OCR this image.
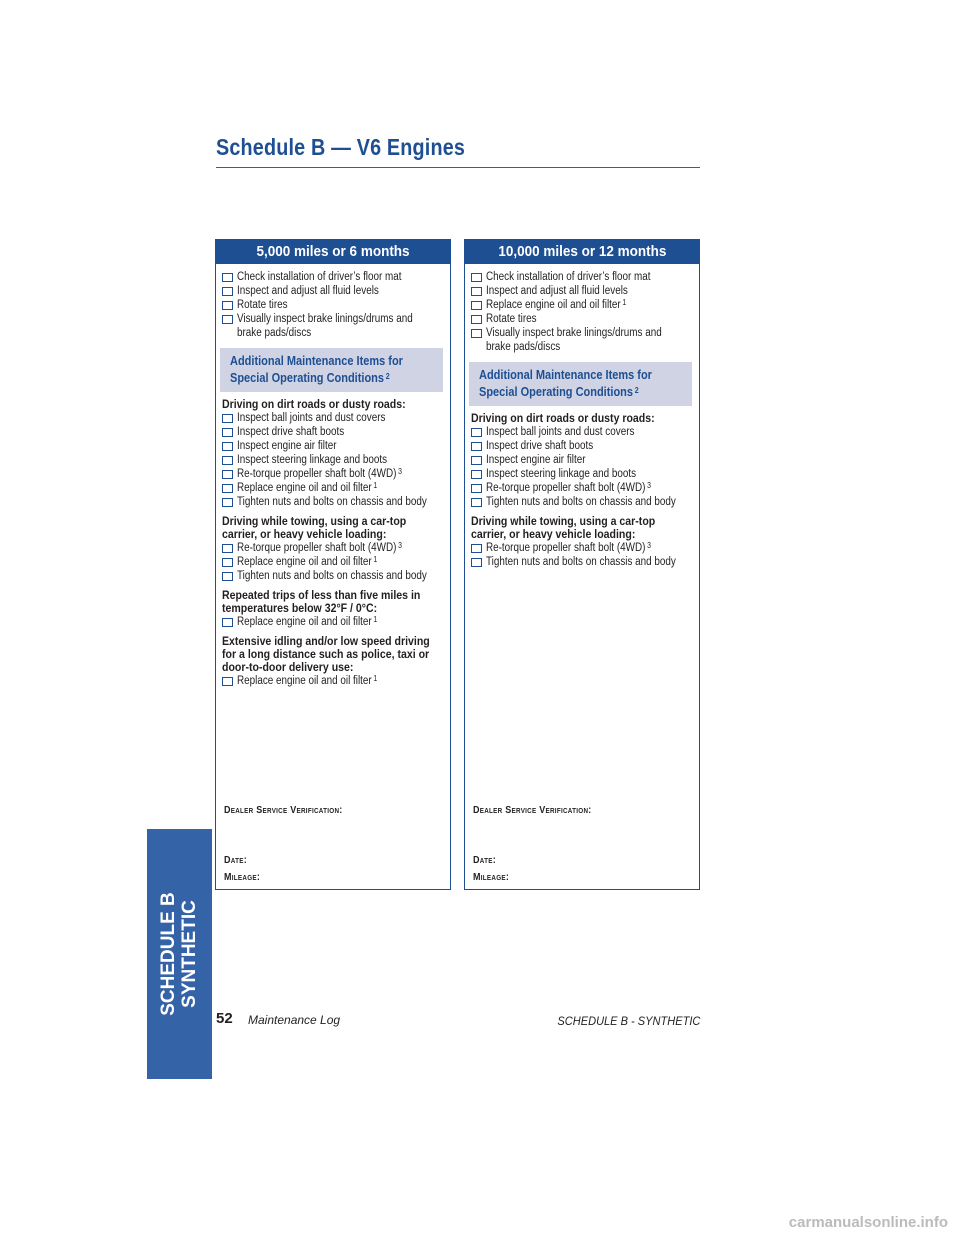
Schedule B — V6 Engines
5,000 miles or 6 months
Check installation of driver’s floor mat
Inspect and adjust all fluid levels
Rotate tires
Visually inspect brake linings/drums and
brake pads/discs
Additional Maintenance Items for
Special Operating Conditions $^2$
Driving on dirt roads or dusty roads:
Inspect ball joints and dust covers
Inspect drive shaft boots
Inspect engine air filter
Inspect steering linkage and boots
Re-torque propeller shaft bolt (4WD) $^3$
Replace engine oil and oil filter $^1$
Tighten nuts and bolts on chassis and body
Driving while towing, using a car-top
carrier, or heavy vehicle loading:
Re-torque propeller shaft bolt (4WD) $^3$
Replace engine oil and oil filter $^1$
Tighten nuts and bolts on chassis and body
Repeated trips of less than five miles in
temperatures below 32°F / 0°C:
Replace engine oil and oil filter $^1$
Extensive idling and/or low speed driving
for a long distance such as police, taxi or
door-to-door delivery use:
Replace engine oil and oil filter $^1$
Dealer Service Verification:
Date:
Mileage:
10,000 miles or 12 months
Check installation of driver’s floor mat
Inspect and adjust all fluid levels
Replace engine oil and oil filter $^1$
Rotate tires
Visually inspect brake linings/drums and
brake pads/discs
Additional Maintenance Items for
Special Operating Conditions $^2$
Driving on dirt roads or dusty roads:
Inspect ball joints and dust covers
Inspect drive shaft boots
Inspect engine air filter
Inspect steering linkage and boots
Re-torque propeller shaft bolt (4WD) $^3$
Tighten nuts and bolts on chassis and body
Driving while towing, using a car-top
carrier, or heavy vehicle loading:
Re-torque propeller shaft bolt (4WD) $^3$
Tighten nuts and bolts on chassis and body
Dealer Service Verification:
Date:
Mileage:
SCHEDULE B SYNTHETIC
52 Maintenance Log	SCHEDULE B - SYNTHETIC
carmanualsonline.info
